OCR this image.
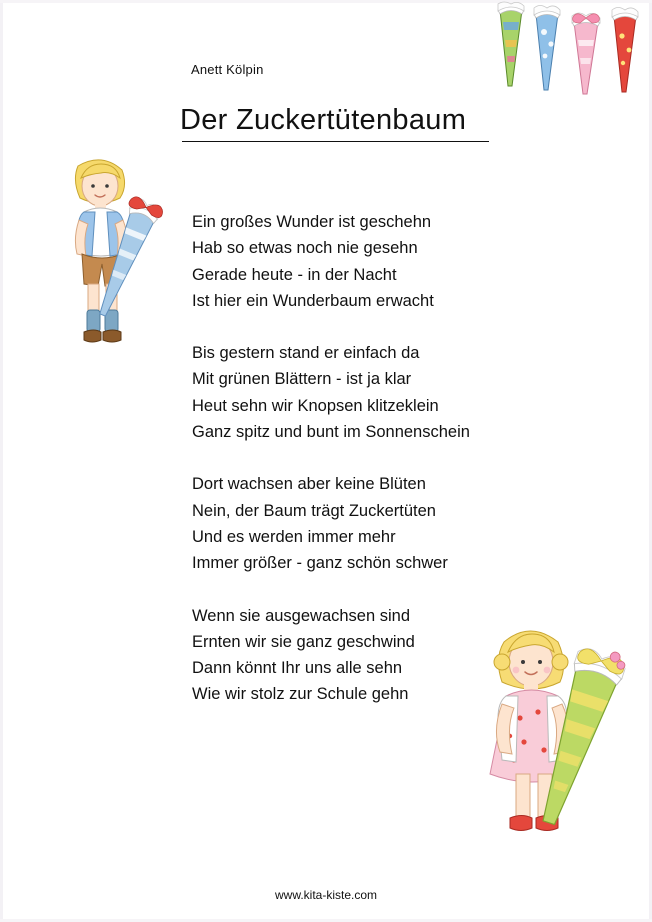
Anett Kölpin
Der Zuckertütenbaum
Ein großes Wunder ist geschehn
Hab so etwas noch nie gesehn
Gerade heute - in der Nacht
Ist hier ein Wunderbaum erwacht
Bis gestern stand er einfach da
Mit grünen Blättern - ist ja klar
Heut sehn wir Knopsen klitzeklein
Ganz spitz und bunt im Sonnenschein
Dort wachsen aber keine Blüten
Nein, der Baum trägt Zuckertüten
Und es werden immer mehr
Immer größer - ganz schön schwer
Wenn sie ausgewachsen sind
Ernten wir sie ganz geschwind
Dann könnt Ihr uns alle sehn
Wie wir stolz zur Schule gehn
www.kita-kiste.com
